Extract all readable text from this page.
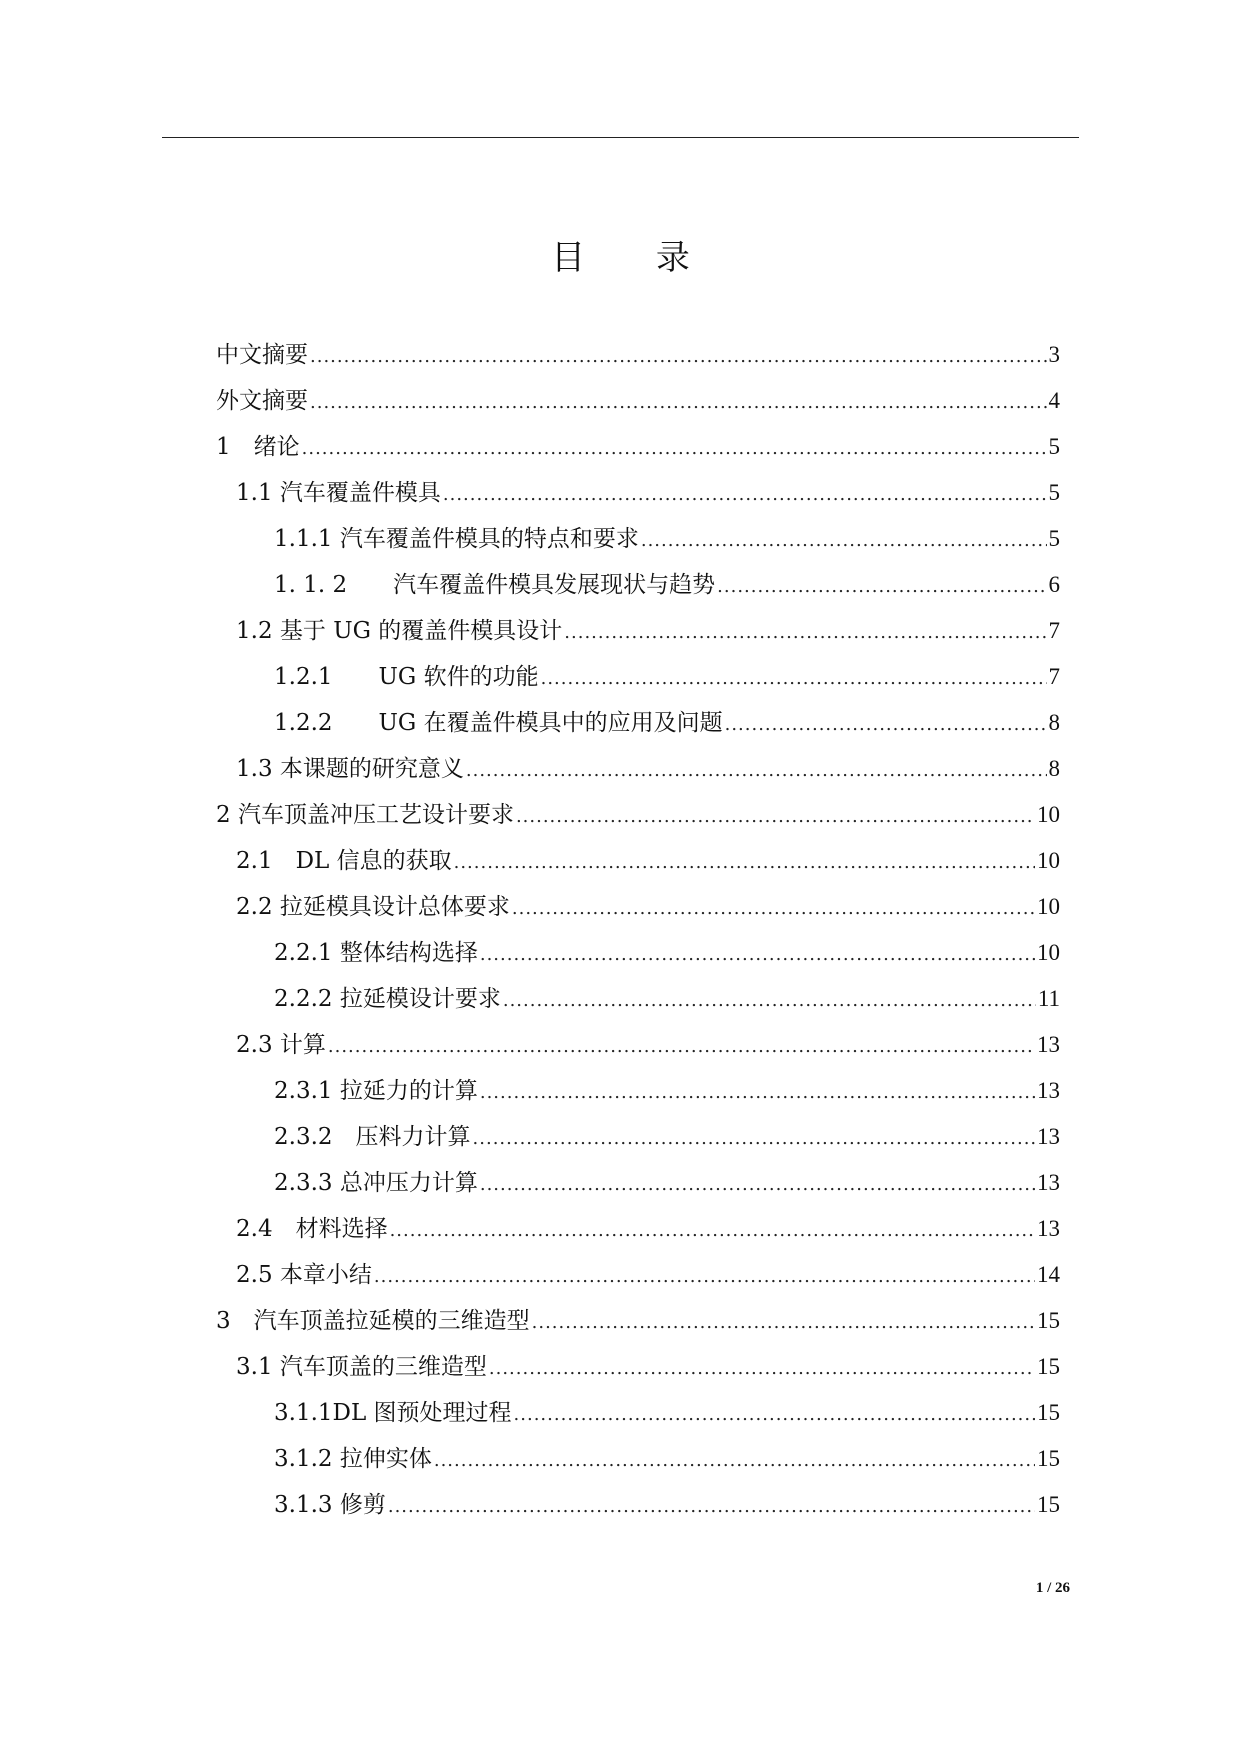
目 录
中文摘要 .....	3
外文摘要 .....	4
1　绪论 .....	5
1.1 汽车覆盖件模具 .....	5
1.1.1 汽车覆盖件模具的特点和要求 .....	5
1. 1. 2　　汽车覆盖件模具发展现状与趋势 .....	6
1.2 基于 UG 的覆盖件模具设计 .....	7
1.2.1　　UG 软件的功能 .....	7
1.2.2　　UG 在覆盖件模具中的应用及问题 .....	8
1.3 本课题的研究意义 .....	8
2 汽车顶盖冲压工艺设计要求 .....	10
2.1　DL 信息的获取 .....	10
2.2 拉延模具设计总体要求 .....	10
2.2.1 整体结构选择 .....	10
2.2.2 拉延模设计要求 .....	11
2.3 计算 .....	13
2.3.1 拉延力的计算 .....	13
2.3.2　压料力计算 .....	13
2.3.3 总冲压力计算 .....	13
2.4　材料选择 .....	13
2.5 本章小结 .....	14
3　汽车顶盖拉延模的三维造型 .....	15
3.1 汽车顶盖的三维造型 .....	15
3.1.1DL 图预处理过程 .....	15
3.1.2 拉伸实体 .....	15
3.1.3 修剪 .....	15
1 / 26
